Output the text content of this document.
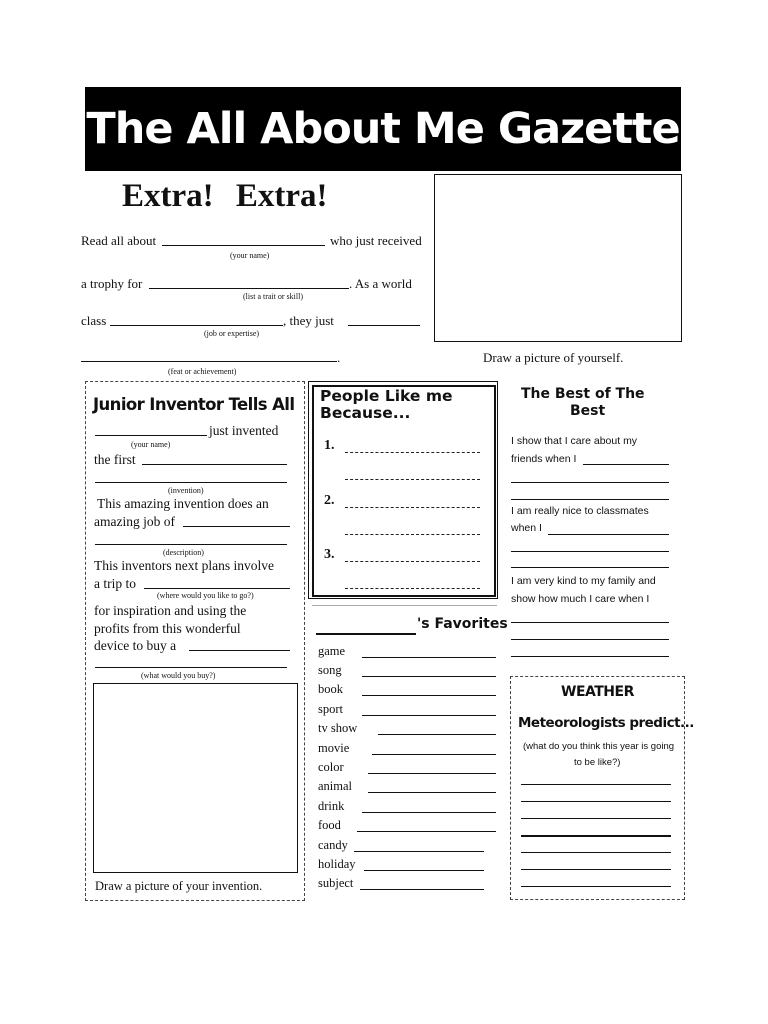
The All About Me Gazette
Extra! Extra!
Read all about	who just received
(your name)
a trophy for	. As a world
(list a trait or skill)
class	, they just
(job or expertise)
.
(feat or achievement)
Draw a picture of yourself.
Junior Inventor Tells All
just invented
(your name)
the first
(invention)
This amazing invention does an
amazing job of
(description)
This inventors next plans involve
a trip to
(where would you like to go?)
for inspiration and using the
profits from this wonderful
device to buy a
(what would you buy?)
Draw a picture of your invention.
People Like me
Because...
1.
2.
3.
The Best of The
Best
I show that I care about my
friends when I
I am really nice to classmates
when I
I am very kind to my family and
show how much I care when I
's Favorites
game
song
book
sport
tv show
movie
color
animal
drink
food
candy
holiday
subject
WEATHER
Meteorologists predict...
(what do you think this year is going
to be like?)
